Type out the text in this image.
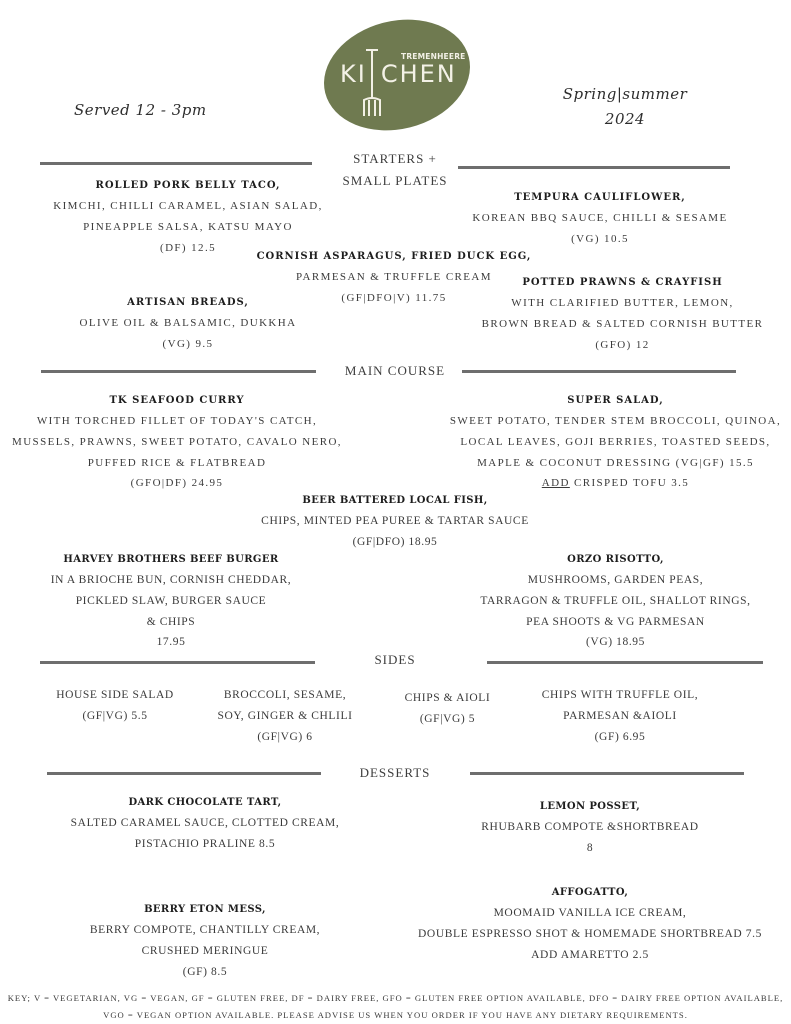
TREMENHEERE
KI CHEN
Served 12 - 3pm
Spring|summer
2024
STARTERS +
SMALL PLATES
ROLLED PORK BELLY TACO,
KIMCHI, CHILLI CARAMEL, ASIAN SALAD,
PINEAPPLE SALSA, KATSU MAYO
(DF) 12.5
TEMPURA CAULIFLOWER,
KOREAN BBQ SAUCE, CHILLI & SESAME
(VG) 10.5
CORNISH ASPARAGUS, FRIED DUCK EGG,
PARMESAN & TRUFFLE CREAM
(GF|DFO|V) 11.75
POTTED PRAWNS & CRAYFISH
WITH CLARIFIED BUTTER, LEMON,
BROWN BREAD & SALTED CORNISH BUTTER
(GFO) 12
ARTISAN BREADS,
OLIVE OIL & BALSAMIC, DUKKHA
(VG) 9.5
MAIN COURSE
TK SEAFOOD CURRY
WITH TORCHED FILLET OF TODAY'S CATCH,
MUSSELS, PRAWNS, SWEET POTATO, CAVALO NERO,
PUFFED RICE & FLATBREAD
(GFO|DF) 24.95
SUPER SALAD,
SWEET POTATO, TENDER STEM BROCCOLI, QUINOA,
LOCAL LEAVES, GOJI BERRIES, TOASTED SEEDS,
MAPLE & COCONUT DRESSING (VG|GF) 15.5
ADD CRISPED TOFU 3.5
BEER BATTERED LOCAL FISH,
CHIPS, MINTED PEA PUREE & TARTAR SAUCE
(GF|DFO) 18.95
HARVEY BROTHERS BEEF BURGER
IN A BRIOCHE BUN, CORNISH CHEDDAR,
PICKLED SLAW, BURGER SAUCE
& CHIPS
17.95
ORZO RISOTTO,
MUSHROOMS, GARDEN PEAS,
TARRAGON & TRUFFLE OIL, SHALLOT RINGS,
PEA SHOOTS & VG PARMESAN
(VG) 18.95
SIDES
HOUSE SIDE SALAD
(GF|VG) 5.5
BROCCOLI, SESAME,
SOY, GINGER & CHLILI
(GF|VG) 6
CHIPS & AIOLI
(GF|VG) 5
CHIPS WITH TRUFFLE OIL,
PARMESAN &AIOLI
(GF) 6.95
DESSERTS
DARK CHOCOLATE TART,
SALTED CARAMEL SAUCE, CLOTTED CREAM,
PISTACHIO PRALINE 8.5
LEMON POSSET,
RHUBARB COMPOTE &SHORTBREAD
8
AFFOGATTO,
MOOMAID VANILLA ICE CREAM,
DOUBLE ESPRESSO SHOT & HOMEMADE SHORTBREAD 7.5
ADD AMARETTO 2.5
BERRY ETON MESS,
BERRY COMPOTE, CHANTILLY CREAM,
CRUSHED MERINGUE
(GF) 8.5
KEY; V = VEGETARIAN, VG = VEGAN, GF = GLUTEN FREE, DF = DAIRY FREE, GFO = GLUTEN FREE OPTION AVAILABLE, DFO = DAIRY FREE OPTION AVAILABLE,
VGO = VEGAN OPTION AVAILABLE. PLEASE ADVISE US WHEN YOU ORDER IF YOU HAVE ANY DIETARY REQUIREMENTS.
